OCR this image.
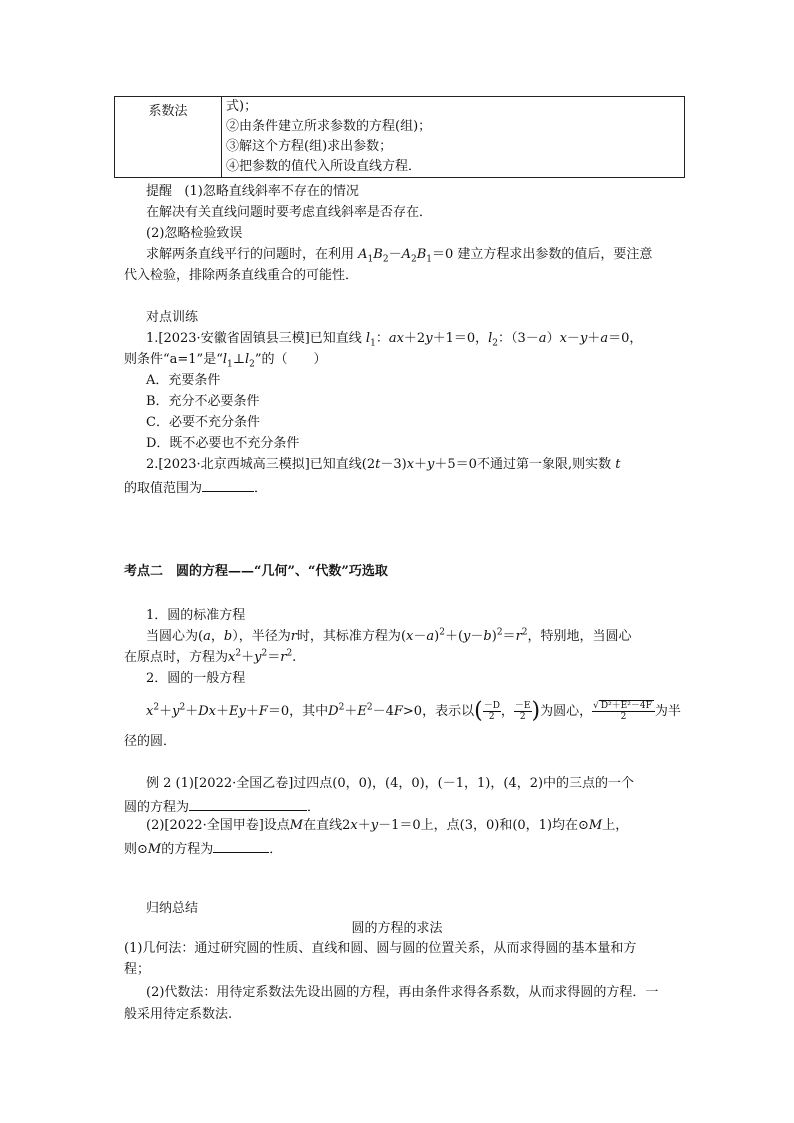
系数法	式)；
②由条件建立所求参数的方程(组)；
③解这个方程(组)求出参数；
④把参数的值代入所设直线方程．
提醒 (1)忽略直线斜率不存在的情况
在解决有关直线问题时要考虑直线斜率是否存在．
(2)忽略检验致误
求解两条直线平行的问题时，在利用 $A_1B_2-A_2B_1=0$ 建立方程求出参数的值后，要注意
代入检验，排除两条直线重合的可能性．
对点训练
1.[2023·安徽省固镇县三模]已知直线 $l_1$：ax＋2y＋1＝0，$l_2$：（3－a）x－y＋a＝0，
则条件“a=1”是“$l_1\perp l_2$”的（　　）
A．充要条件
B．充分不必要条件
C．必要不充分条件
D．既不必要也不充分条件
2.[2023·北京西城高三模拟]已知直线(2t－3)x＋y＋5＝0不通过第一象限,则实数 t
的取值范围为	．
考点二　圆的方程——“几何”、“代数”巧选取
1．圆的标准方程
当圆心为(a，b），半径为r时，其标准方程为$(x-a)^2+(y-b)^2=r^2$，特别地，当圆心
在原点时，方程为$x^2+y^2=r^2$.
2．圆的一般方程
$x^2+y^2+Dx+Ey+F=0$，其中$D^2+E^2-4F>0$，表示以( $\frac{-D}{2}$ ， $\frac{-E}{2}$ )为圆心， $\frac{\text{√ D²＋E²－4F}}{2}$ 为半
径的圆．
例 2 (1)[2022·全国乙卷]过四点(0，0)，(4，0)，(－1，1)，(4，2)中的三点的一个
圆的方程为	．
(2)[2022·全国甲卷]设点M在直线2x＋y－1＝0上，点(3，0)和(0，1)均在⊙M上，
则⊙M的方程为	．
归纳总结
圆的方程的求法
(1)几何法：通过研究圆的性质、直线和圆、圆与圆的位置关系，从而求得圆的基本量和方
程；
(2)代数法：用待定系数法先设出圆的方程，再由条件求得各系数，从而求得圆的方程．一
般采用待定系数法.
